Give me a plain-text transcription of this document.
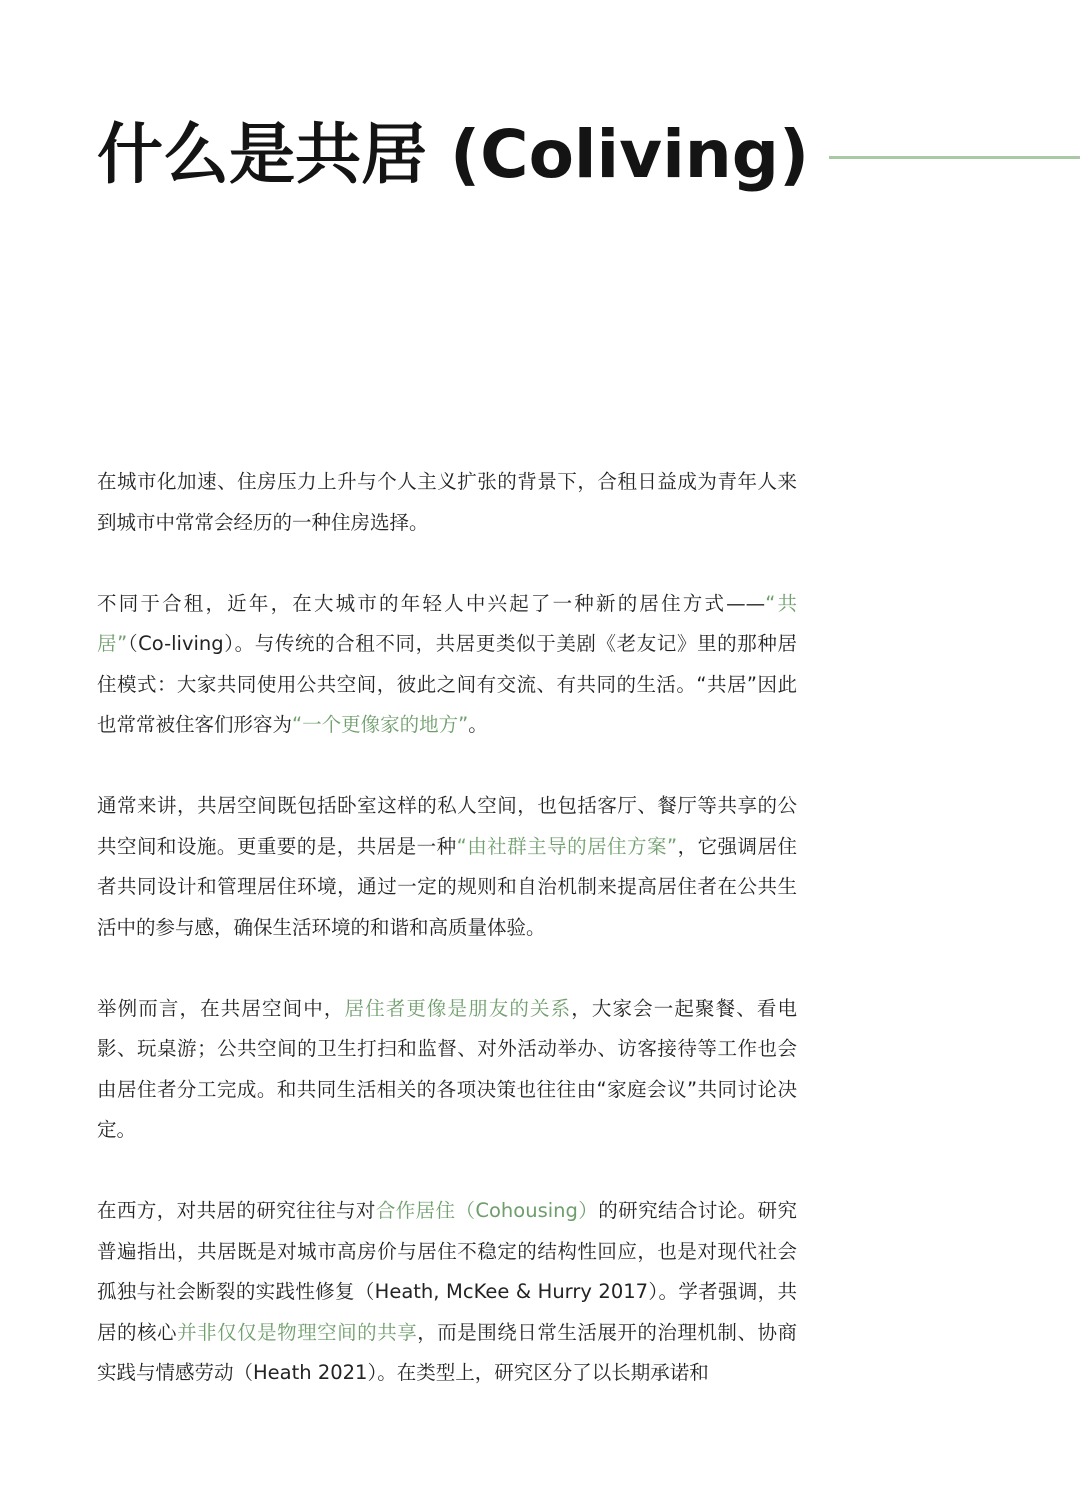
什么是共居 (Coliving)

在城市化加速、住房压力上升与个人主义扩张的背景下，合租日益成为青年人来到城市中常常会经历的一种住房选择。

不同于合租，近年，在大城市的年轻人中兴起了一种新的居住方式——“共居”（Co-living）。与传统的合租不同，共居更类似于美剧《老友记》里的那种居住模式：大家共同使用公共空间，彼此之间有交流、有共同的生活。“共居”因此也常常被住客们形容为“一个更像家的地方”。

通常来讲，共居空间既包括卧室这样的私人空间，也包括客厅、餐厅等共享的公共空间和设施。更重要的是，共居是一种“由社群主导的居住方案”，它强调居住者共同设计和管理居住环境，通过一定的规则和自治机制来提高居住者在公共生活中的参与感，确保生活环境的和谐和高质量体验。

举例而言，在共居空间中，居住者更像是朋友的关系，大家会一起聚餐、看电影、玩桌游；公共空间的卫生打扫和监督、对外活动举办、访客接待等工作也会由居住者分工完成。和共同生活相关的各项决策也往往由“家庭会议”共同讨论决定。

在西方，对共居的研究往往与对合作居住（Cohousing）的研究结合讨论。研究普遍指出，共居既是对城市高房价与居住不稳定的结构性回应，也是对现代社会孤独与社会断裂的实践性修复（Heath, McKee & Hurry 2017）。学者强调，共居的核心并非仅仅是物理空间的共享，而是围绕日常生活展开的治理机制、协商实践与情感劳动（Heath 2021）。在类型上，研究区分了以长期承诺和
